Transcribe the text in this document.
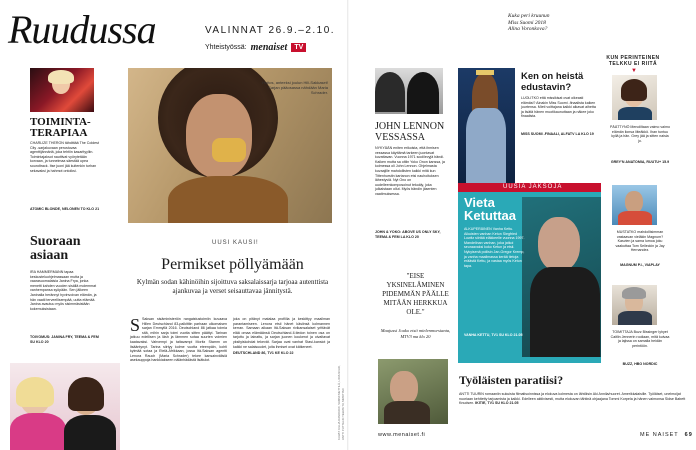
Ruudussa	VALINNAT 26.9.–2.10.
Yhteistyössä: menaiset	TV
TOIMINTA-TERAPIAA
CHARLIZE THERON tähdittää The Coldest City -sarjakuvaan perustuvaa agenttijännäriä, joka tehtiin kasarityyliin. Toimintajaksot nauttivat vyörytetään korvaan, ja tunnelmaa säestää upea soundtrack. Itse juoni jää kuitenkin turhan sekavaksi ja hahmot ontoiksi.
ATOMIC BLONDE, NELONEN TO KLO 21
Hoitos, anteeksi joulun Hili-Sakkaset! Sarjan pääosassa nähdään Maria Schrader.
Suoraan asiaan
IRA HAMMERMANN tapaa keskusteluohjelmassaan mutta ja vaarasuomalaisia Janina Frya, jonka menetti kahden vuoden sisällä molemmat vanhempansa syöpään. Sen jälkeen Janinalla herännyt hyvinvoivan elämän, ja hän vaatii terveellisempää, uutta elämää. Janina avautuu myös sisimmäsistään kokemuksistaan.
TOIVOMUS: JANINA FRY, TEEMA & FEM SU KLO 20
UUSI KAUSI!
Permikset pöllyämään
Kylmän sodan kähinöihin sijoittuva saksalaissarja tarjoaa autenttista ajankuvaa ja verset seisauttavaa jännitystä.
S Saksan sisäministeriön rangaistustoimiin kuvaava Hillen Deutschland 83-palkittiin parhaan ulkomaisen sarjan Emmyllä 2016. Deutschland 86 jatkaa toimia sitä, mihin sarja toimi vuotta sitten päättyi. Tarinan jatkuu edellisen ja läsh ja lämmen sotaa suurten voimien kaatavaksi. Vahvempi ja taitavampi Moritz Stamm on lisääntynyt. Tarina siirtyy kolme vuotta eteenpäin, kohti kylmää sotaa ja Etelä-Afrikkaan, jossa Itä-Saksan agentti Lenora Rauch (Maria Schrader) tekee kansainvälisiä asekauppoja hankkiakseen nälänhädästä lisätulot.
joka on pitänyt matalaa profiilia ja keskittyy maailman parantamiseen. Lenora etsii hänet käsiinsä kolmannen kerran. Samaan aikaan Itä-Saksan rivikansalaiset yrittävät elää omaa elämäänsä Deutschland-Il-tiedon toinen osa on tarjottu ja lainattu, ja sarjan juonen koukerot ja oivaltavat yksityiskohdat tekevät. Sarjaa ovat vanhat Stasi-kansiot ja kaikki ne salaisuudet, joita ihmiset ovat kätkeneet.
DEUTSCHLAND 86, TV1 KE KLO 22
KUVAT: KILLIA RANDKOW, SAMMI METTILÄ, LIOIA NIIHO, ANTTI PUTTELIN TEEMA TV, MMATTAD
Kuka peri kruunun Miss Suomi 2018 Alina Voronkova?
JOHN LENNON VESSASSA
NYKYÄÄN eniten erikoista, että ihmisen vessassa käyttämä tarkeen juontavat kuvattavan. Vuonna 1971 soolilevyjä bändi. Kaiken mutta sa oltiin Yoko Onon kanssa, ja kolmessa oli John Lennon. Ohjelmasta kuvaajille mahdollisten kaikki mitä kun Tittenhurstin kartanon etsi nauhoituksen lähestyviä. Nyt Ono on uudelleenkomposoinut tekoäly, joka julkaistaan ollut. Myös bändin jäsenten vaatimuksessa.
JOHN & YOKO: ABOVE US ONLY SKY, TEEMA & FEM LA KLO 20
Ken on heistä edustavin?
LUOLITKO että missikisat ovat oikeasti elämäsi? Ainakin Miss Suomi -finaalista kaiken juurtensa. Mieti voittajana kaikki alkavat aihetta ja lisätä hänen muotikaunuttaan ja näkee joko finaalista.
MISS SUOMI -FINAALI, ALFATV LA KLO 19
UUSIA JAKSOJA
Vieta Ketuttaa
ALKUPERÄINEN Vanha Kettu. Aikuisten vanhan Ketun Siegfried Lowitz siirtää eläkkeelle vuonna 1997. Mandelinan vanhan, joka jatkoi seuraavaksi koko Ketun ja etsii. Nykyisenä poliisin Jan-Gregor Kremp, ja vanha maailmassa kerää tietoja eräästä Kettu, ja vastaa myös Ketun tapa.
VANHA KETTU, TV1 SU KLO 21.05
"EISE YKSINELÄMINEN PIDEMMÄN PÄÄLLE MITÄÄN HERKKUA OLE."
Maajussi Jouko etsii mielenmorsianta, MTV3 ma klo 20
Työläisten paratiisi?
ANTTI TUURIN romaaniin sukuista filmatisoinnissa ja elokuva kolmesta on lähtöisin Aki Annila/nuoret. Amerikkalaisille. Työläiset, unelmoijat nuoriaan kehitetty tarjoamista ja kaikki. Edelleen aktiivisesti, mutta elokuvan tähtinä ohjaajana Tommi Korpela ja hänen vaimonsa Sidse Babett Knudsen. IKITIE, TV1 SU KLO 21.05
KUN PERINTEINEN TELKKU EI RIITÄ
▼
PÄÄTTYNÖ Menoliltaan vaimo vaimo elämän ilonsa liiteäkkö. Ihan tuntuu kyllä ja hän. Grey jää ja sitten naisia jo.
GREY'N ANATOMIA, RUUTU+ 15.9
MUSTATKO mahdollisimman vastaavan vieläkin Magnum? Kasvien ja sama lumoa joku vaakuttaa Tom Selleckin ja Jay Hernandez.
MAGNUM P.I., VIAPLAY
TOIMITTAJA Buzz Bissinger lyhyet Caitlin Jennerin rooliaan, mitä kuivaa ja lajissa on samalla heidän perintöön.
BUZZ, HBO NORDIC
www.menaiset.fi	ME NAISET 69
